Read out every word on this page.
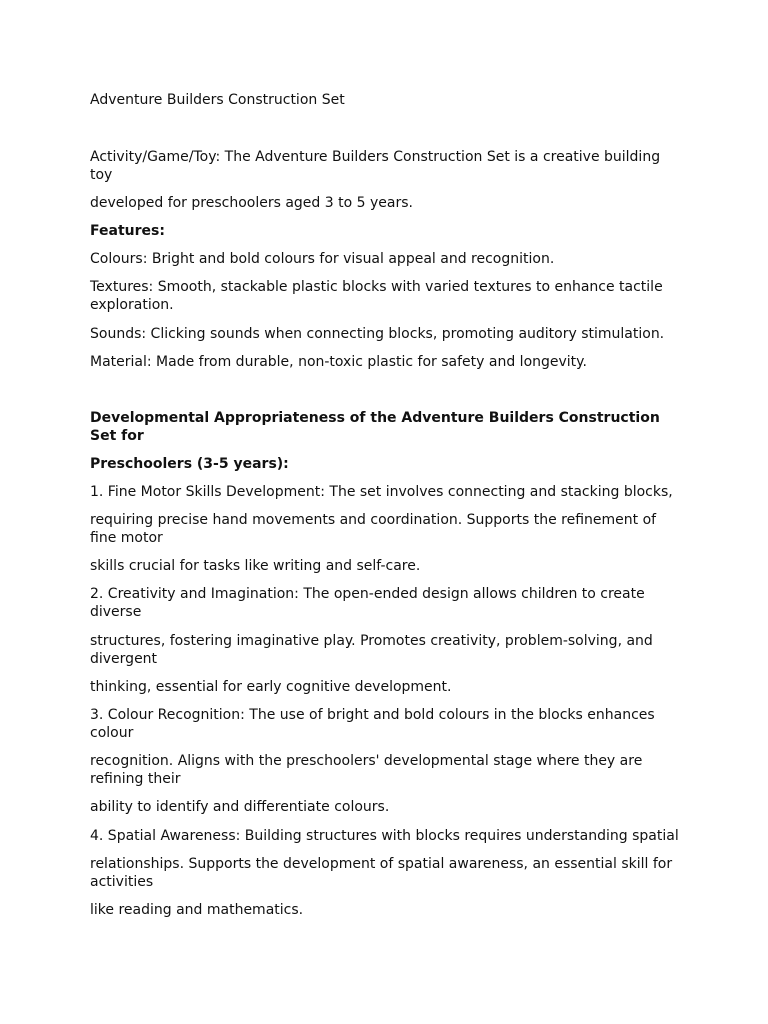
Adventure Builders Construction Set
Activity/Game/Toy: The Adventure Builders Construction Set is a creative building toy
developed for preschoolers aged 3 to 5 years.
Features:
Colours: Bright and bold colours for visual appeal and recognition.
Textures: Smooth, stackable plastic blocks with varied textures to enhance tactile exploration.
Sounds: Clicking sounds when connecting blocks, promoting auditory stimulation.
Material: Made from durable, non-toxic plastic for safety and longevity.
Developmental Appropriateness of the Adventure Builders Construction Set for
Preschoolers (3-5 years):
1. Fine Motor Skills Development: The set involves connecting and stacking blocks,
requiring precise hand movements and coordination. Supports the refinement of fine motor
skills crucial for tasks like writing and self-care.
2. Creativity and Imagination: The open-ended design allows children to create diverse
structures, fostering imaginative play. Promotes creativity, problem-solving, and divergent
thinking, essential for early cognitive development.
3. Colour Recognition: The use of bright and bold colours in the blocks enhances colour
recognition. Aligns with the preschoolers' developmental stage where they are refining their
ability to identify and differentiate colours.
4. Spatial Awareness: Building structures with blocks requires understanding spatial
relationships. Supports the development of spatial awareness, an essential skill for activities
like reading and mathematics.
